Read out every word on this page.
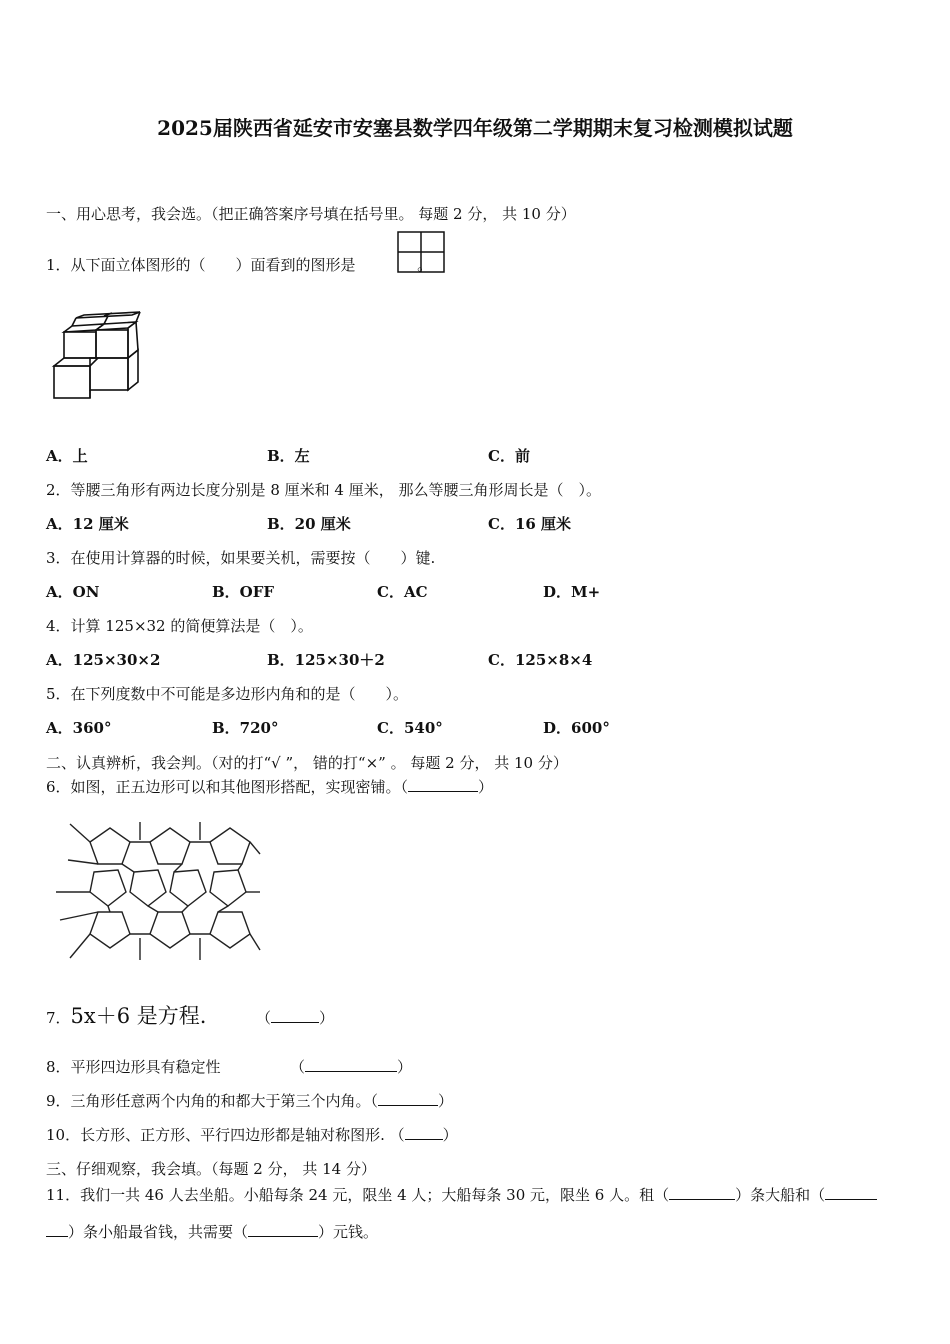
2025届陕西省延安市安塞县数学四年级第二学期期末复习检测模拟试题
一、用心思考，我会选。（把正确答案序号填在括号里。 每题 2 分， 共 10 分）
1．从下面立体图形的（　　）面看到的图形是	。
A．上	B．左	C．前
2．等腰三角形有两边长度分别是 8 厘米和 4 厘米， 那么等腰三角形周长是（　）。
A．12 厘米	B．20 厘米	C．16 厘米
3．在使用计算器的时候，如果要关机，需要按（　　）键.
A．ON	B．OFF	C．AC	D．M+
4．计算 125×32 的简便算法是（　）。
A．125×30×2	B．125×30＋2	C．125×8×4
5．在下列度数中不可能是多边形内角和的是（　　）。
A．360°	B．720°	C．540°	D．600°
二、认真辨析，我会判。（对的打“√ ”， 错的打“×” 。 每题 2 分， 共 10 分）
6．如图，正五边形可以和其他图形搭配，实现密铺。（	）
7．5x＋6 是方程.	（	）
8．平形四边形具有稳定性	（	）
9．三角形任意两个内角的和都大于第三个内角。（	）
10．长方形、正方形、平行四边形都是轴对称图形. （	）
三、仔细观察，我会填。（每题 2 分， 共 14 分）
11．我们一共 46 人去坐船。小船每条 24 元，限坐 4 人；大船每条 30 元，限坐 6 人。租（	）条大船和（
）条小船最省钱，共需要（	）元钱。
